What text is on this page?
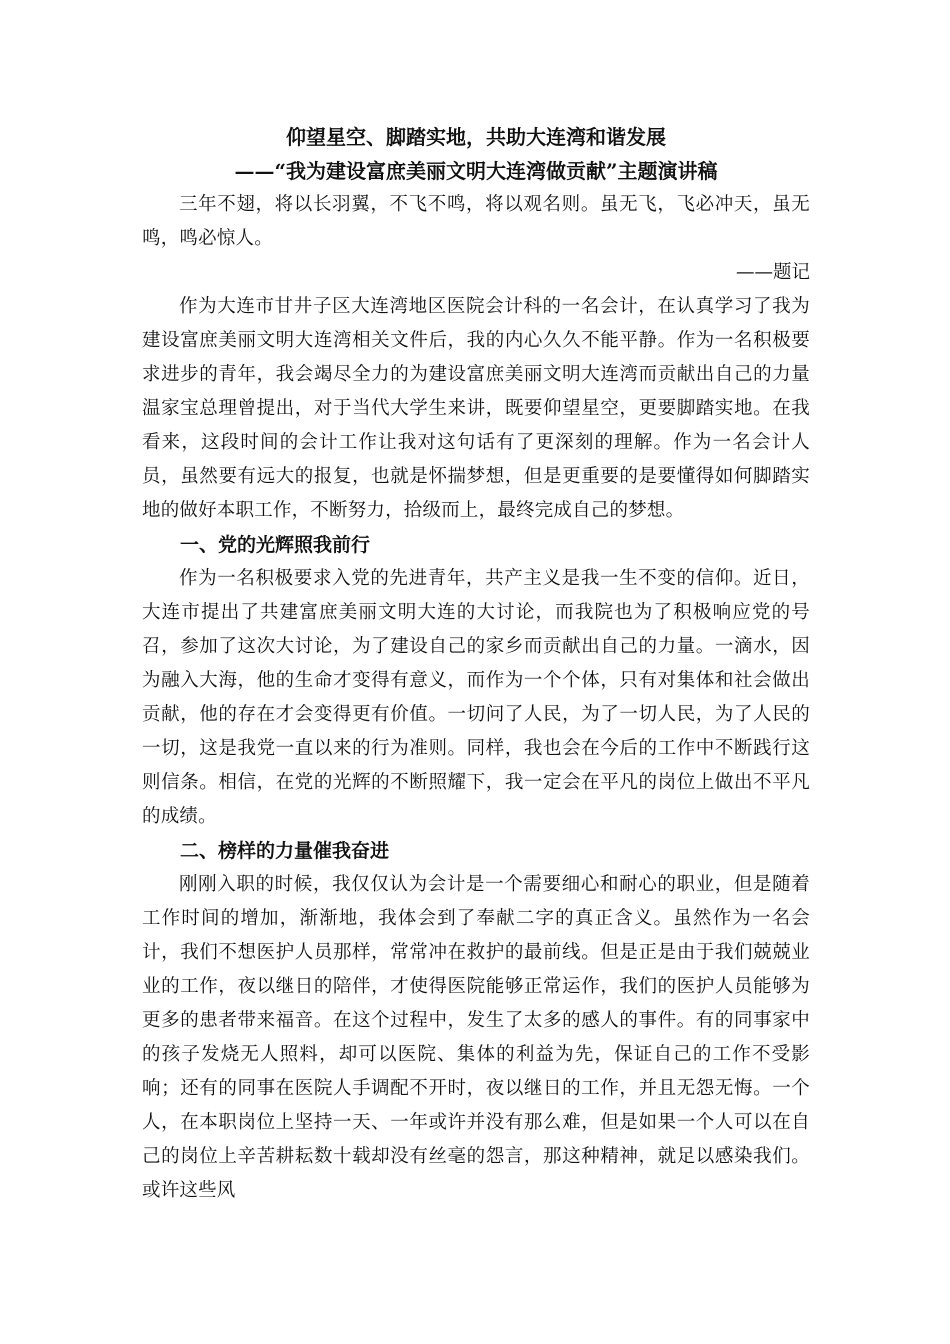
仰望星空、脚踏实地，共助大连湾和谐发展

——“我为建设富庶美丽文明大连湾做贡献”主题演讲稿

三年不翅，将以长羽翼，不飞不鸣，将以观名则。虽无飞，飞必冲天，虽无鸣，鸣必惊人。

——题记

作为大连市甘井子区大连湾地区医院会计科的一名会计，在认真学习了我为建设富庶美丽文明大连湾相关文件后，我的内心久久不能平静。作为一名积极要求进步的青年，我会竭尽全力的为建设富庶美丽文明大连湾而贡献出自己的力量温家宝总理曾提出，对于当代大学生来讲，既要仰望星空，更要脚踏实地。在我看来，这段时间的会计工作让我对这句话有了更深刻的理解。作为一名会计人员，虽然要有远大的报复，也就是怀揣梦想，但是更重要的是要懂得如何脚踏实地的做好本职工作，不断努力，拾级而上，最终完成自己的梦想。

一、党的光辉照我前行

作为一名积极要求入党的先进青年，共产主义是我一生不变的信仰。近日，大连市提出了共建富庶美丽文明大连的大讨论，而我院也为了积极响应党的号召，参加了这次大讨论，为了建设自己的家乡而贡献出自己的力量。一滴水，因为融入大海，他的生命才变得有意义，而作为一个个体，只有对集体和社会做出贡献，他的存在才会变得更有价值。一切问了人民，为了一切人民，为了人民的一切，这是我党一直以来的行为准则。同样，我也会在今后的工作中不断践行这则信条。相信，在党的光辉的不断照耀下，我一定会在平凡的岗位上做出不平凡的成绩。

二、榜样的力量催我奋进

刚刚入职的时候，我仅仅认为会计是一个需要细心和耐心的职业，但是随着工作时间的增加，渐渐地，我体会到了奉献二字的真正含义。虽然作为一名会计，我们不想医护人员那样，常常冲在救护的最前线。但是正是由于我们兢兢业业的工作，夜以继日的陪伴，才使得医院能够正常运作，我们的医护人员能够为更多的患者带来福音。在这个过程中，发生了太多的感人的事件。有的同事家中的孩子发烧无人照料，却可以医院、集体的利益为先，保证自己的工作不受影响；还有的同事在医院人手调配不开时，夜以继日的工作，并且无怨无悔。一个人，在本职岗位上坚持一天、一年或许并没有那么难，但是如果一个人可以在自己的岗位上辛苦耕耘数十载却没有丝毫的怨言，那这种精神，就足以感染我们。或许这些风
